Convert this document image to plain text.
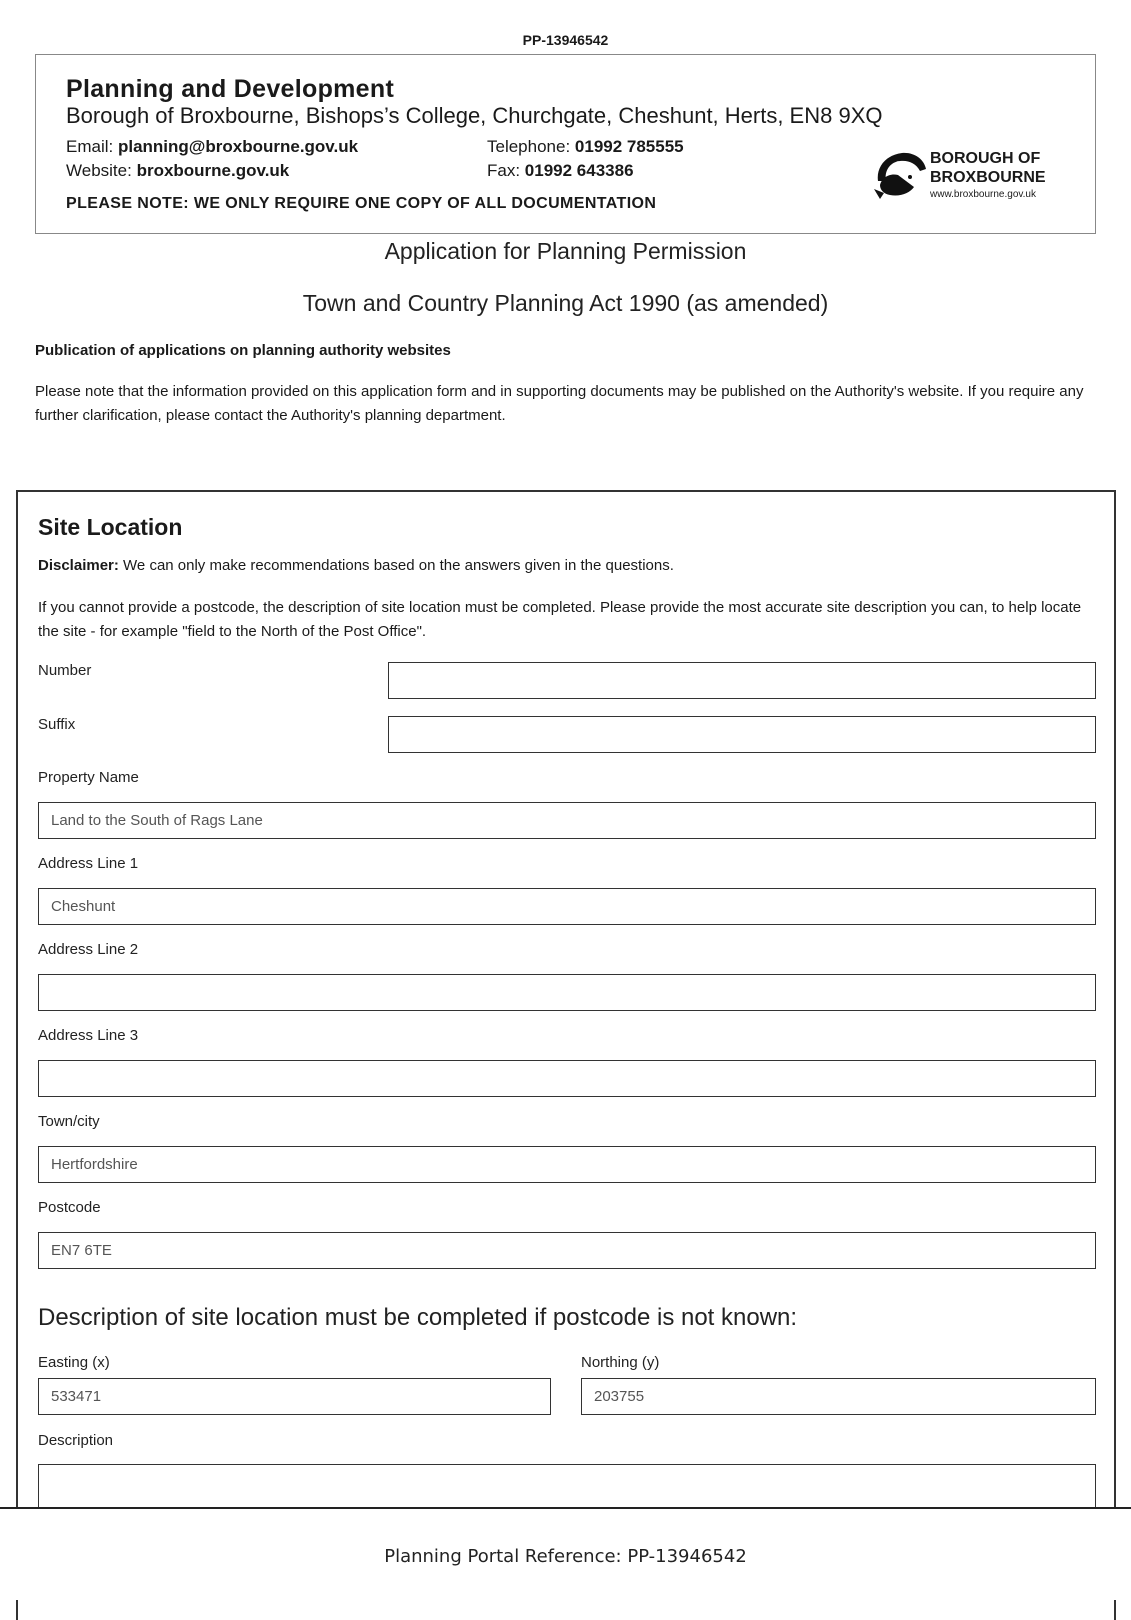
PP-13946542
Planning and Development
Borough of Broxbourne, Bishops’s College, Churchgate, Cheshunt, Herts, EN8 9XQ
Email: planning@broxbourne.gov.uk
Website: broxbourne.gov.uk
Telephone: 01992 785555
Fax: 01992 643386
PLEASE NOTE: WE ONLY REQUIRE ONE COPY OF ALL DOCUMENTATION
BOROUGH OF
BROXBOURNE
www.broxbourne.gov.uk
Application for Planning Permission
Town and Country Planning Act 1990 (as amended)
Publication of applications on planning authority websites
Please note that the information provided on this application form and in supporting documents may be published on the Authority's website. If you require any further clarification, please contact the Authority's planning department.
Site Location
Disclaimer: We can only make recommendations based on the answers given in the questions.
If you cannot provide a postcode, the description of site location must be completed. Please provide the most accurate site description you can, to help locate the site - for example "field to the North of the Post Office".
Number
Suffix
Property Name
Land to the South of Rags Lane
Address Line 1
Cheshunt
Address Line 2
Address Line 3
Town/city
Hertfordshire
Postcode
EN7 6TE
Description of site location must be completed if postcode is not known:
Easting (x)
533471
Northing (y)
203755
Description
Planning Portal Reference: PP-13946542
